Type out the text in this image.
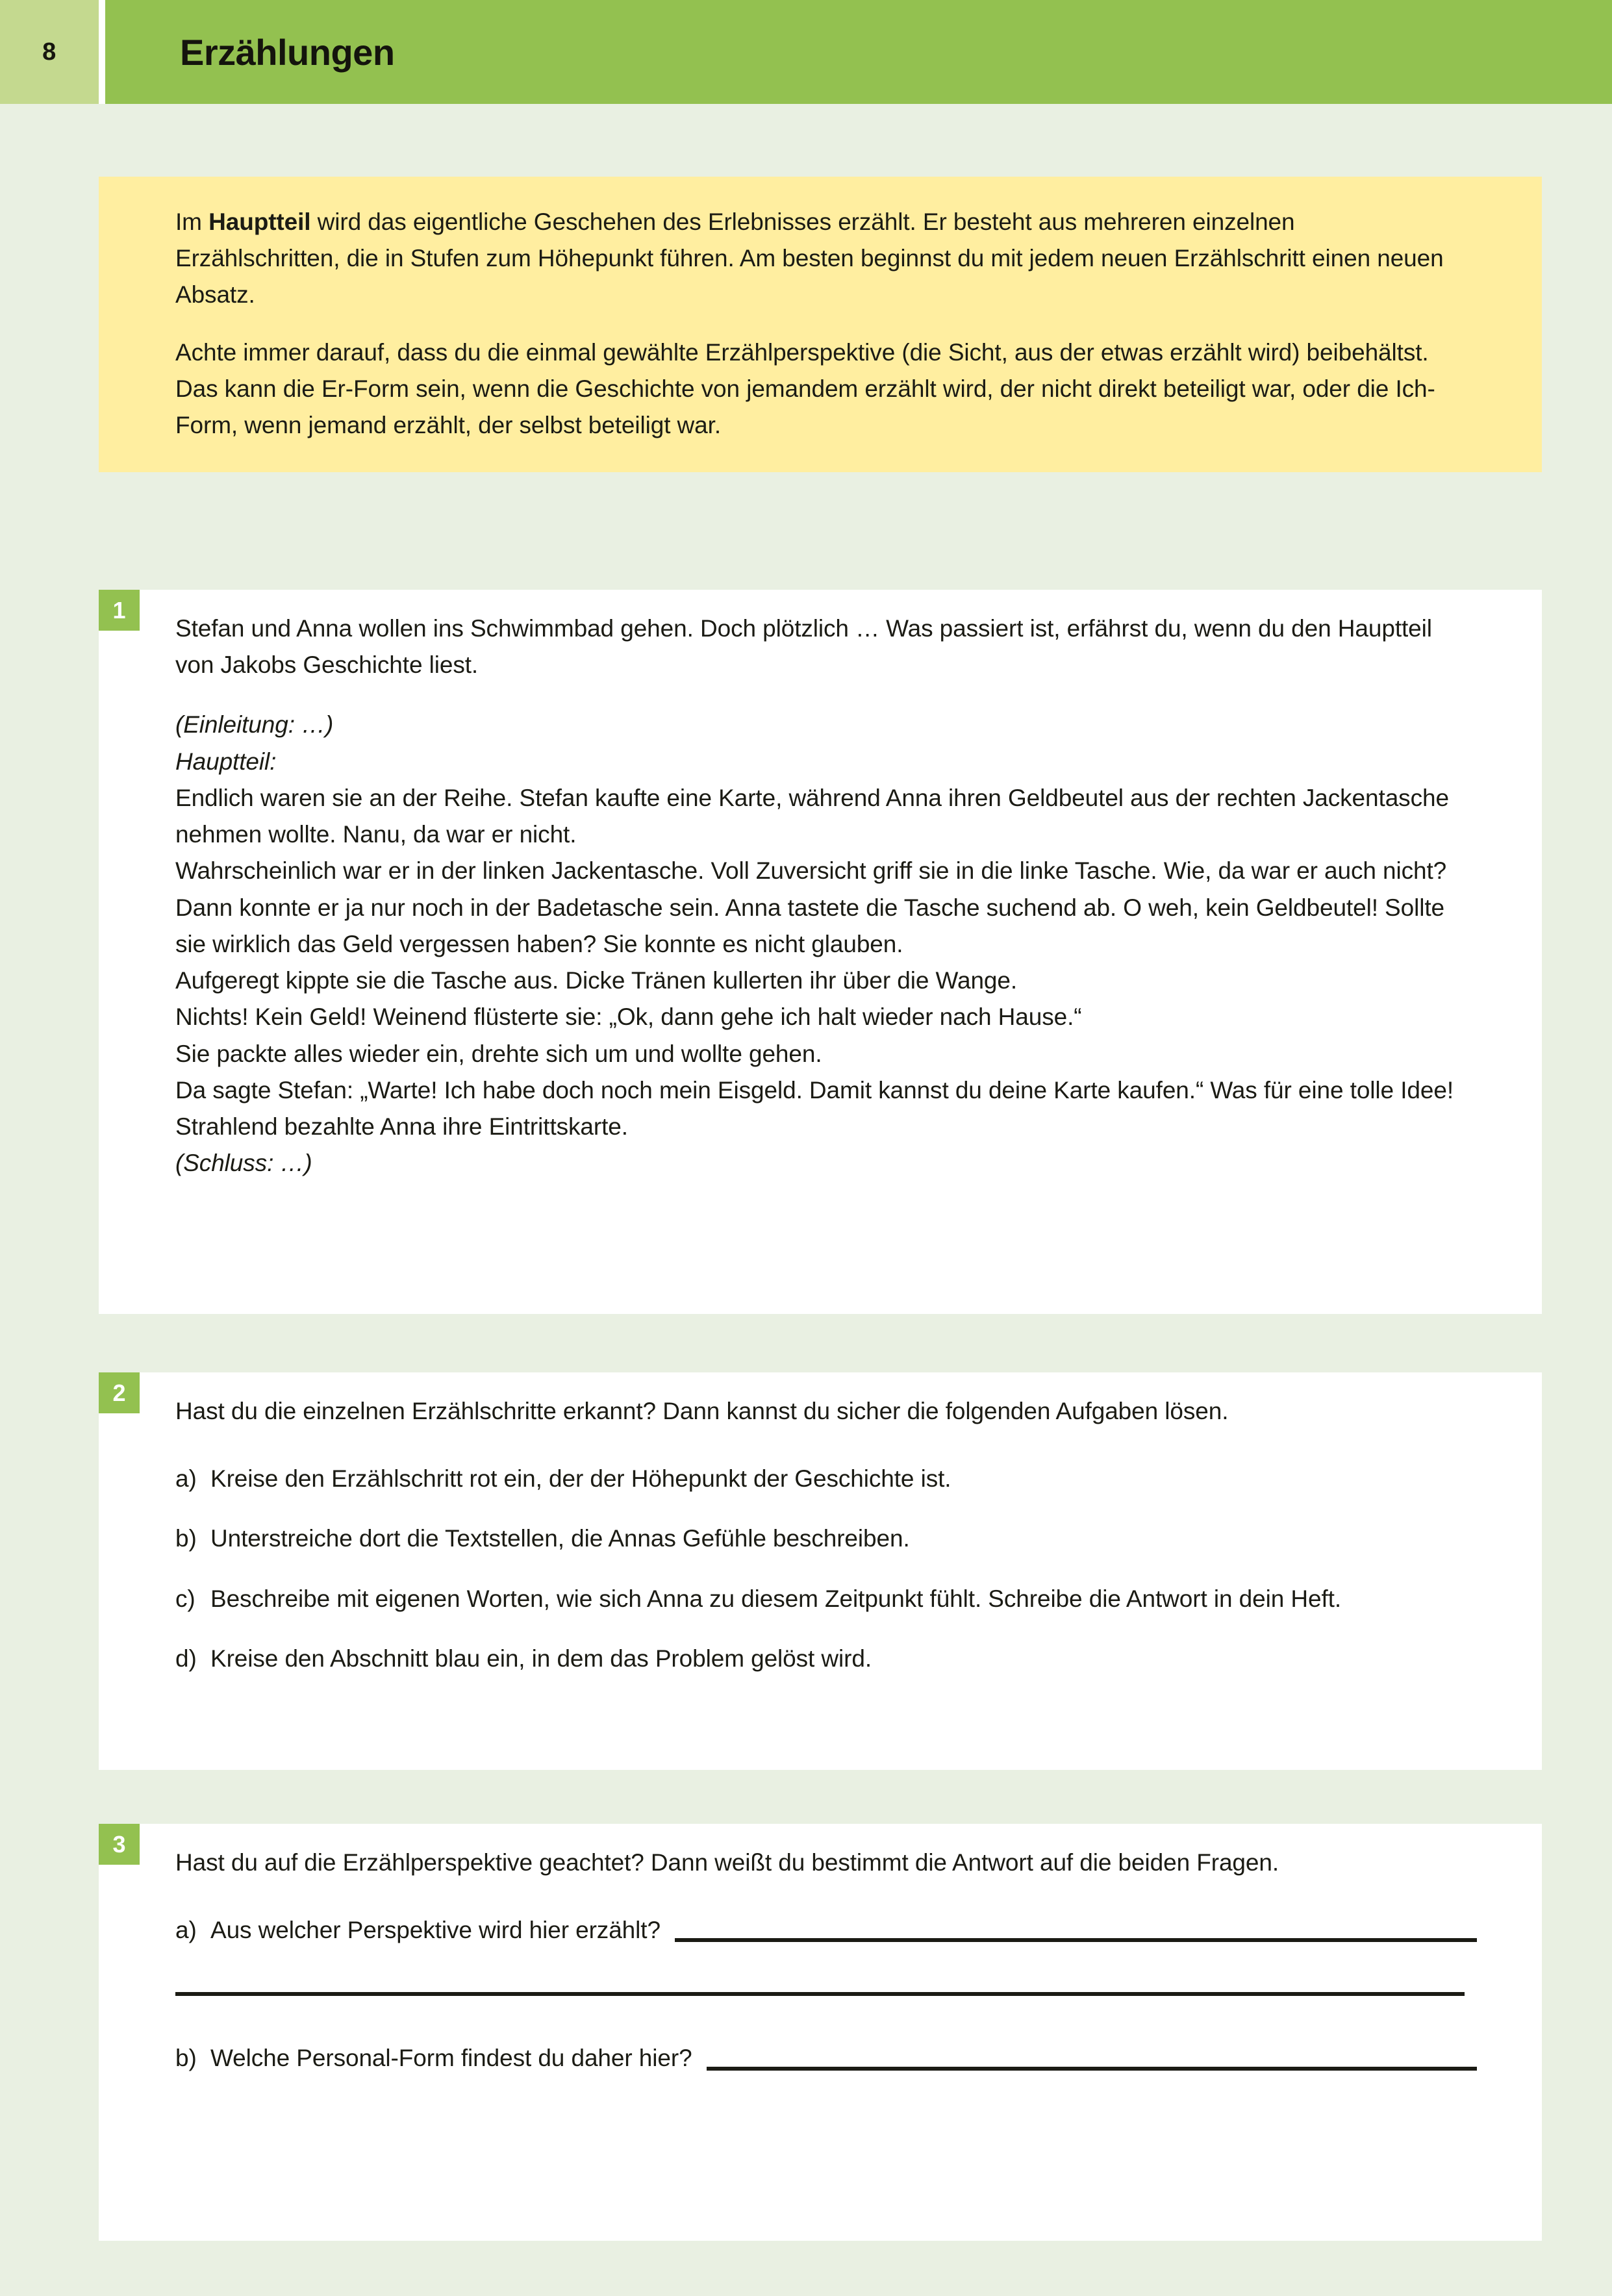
8	Erzählungen

Im Hauptteil wird das eigentliche Geschehen des Erlebnisses erzählt. Er besteht aus mehreren einzelnen Erzählschritten, die in Stufen zum Höhepunkt führen. Am besten beginnst du mit jedem neuen Erzählschritt einen neuen Absatz.

Achte immer darauf, dass du die einmal gewählte Erzählperspektive (die Sicht, aus der etwas erzählt wird) beibehältst. Das kann die Er-Form sein, wenn die Geschichte von jemandem erzählt wird, der nicht direkt beteiligt war, oder die Ich-Form, wenn jemand erzählt, der selbst beteiligt war.

1

Stefan und Anna wollen ins Schwimmbad gehen. Doch plötzlich … Was passiert ist, erfährst du, wenn du den Hauptteil von Jakobs Geschichte liest.

(Einleitung: …)
Hauptteil:
Endlich waren sie an der Reihe. Stefan kaufte eine Karte, während Anna ihren Geldbeutel aus der rechten Jackentasche nehmen wollte. Nanu, da war er nicht.
Wahrscheinlich war er in der linken Jackentasche. Voll Zuversicht griff sie in die linke Tasche. Wie, da war er auch nicht?
Dann konnte er ja nur noch in der Badetasche sein. Anna tastete die Tasche suchend ab. O weh, kein Geldbeutel! Sollte sie wirklich das Geld vergessen haben? Sie konnte es nicht glauben.
Aufgeregt kippte sie die Tasche aus. Dicke Tränen kullerten ihr über die Wange.
Nichts! Kein Geld! Weinend flüsterte sie: „Ok, dann gehe ich halt wieder nach Hause.“
Sie packte alles wieder ein, drehte sich um und wollte gehen.
Da sagte Stefan: „Warte! Ich habe doch noch mein Eisgeld. Damit kannst du deine Karte kaufen.“ Was für eine tolle Idee! Strahlend bezahlte Anna ihre Eintrittskarte.
(Schluss: …)
2

Hast du die einzelnen Erzählschritte erkannt? Dann kannst du sicher die folgenden Aufgaben lösen.

a) Kreise den Erzählschritt rot ein, der der Höhepunkt der Geschichte ist.
b) Unterstreiche dort die Textstellen, die Annas Gefühle beschreiben.
c) Beschreibe mit eigenen Worten, wie sich Anna zu diesem Zeitpunkt fühlt. Schreibe die Antwort in dein Heft.
d) Kreise den Abschnitt blau ein, in dem das Problem gelöst wird.
3

Hast du auf die Erzählperspektive geachtet? Dann weißt du bestimmt die Antwort auf die beiden Fragen.

a) Aus welcher Perspektive wird hier erzählt?
b) Welche Personal-Form findest du daher hier?
